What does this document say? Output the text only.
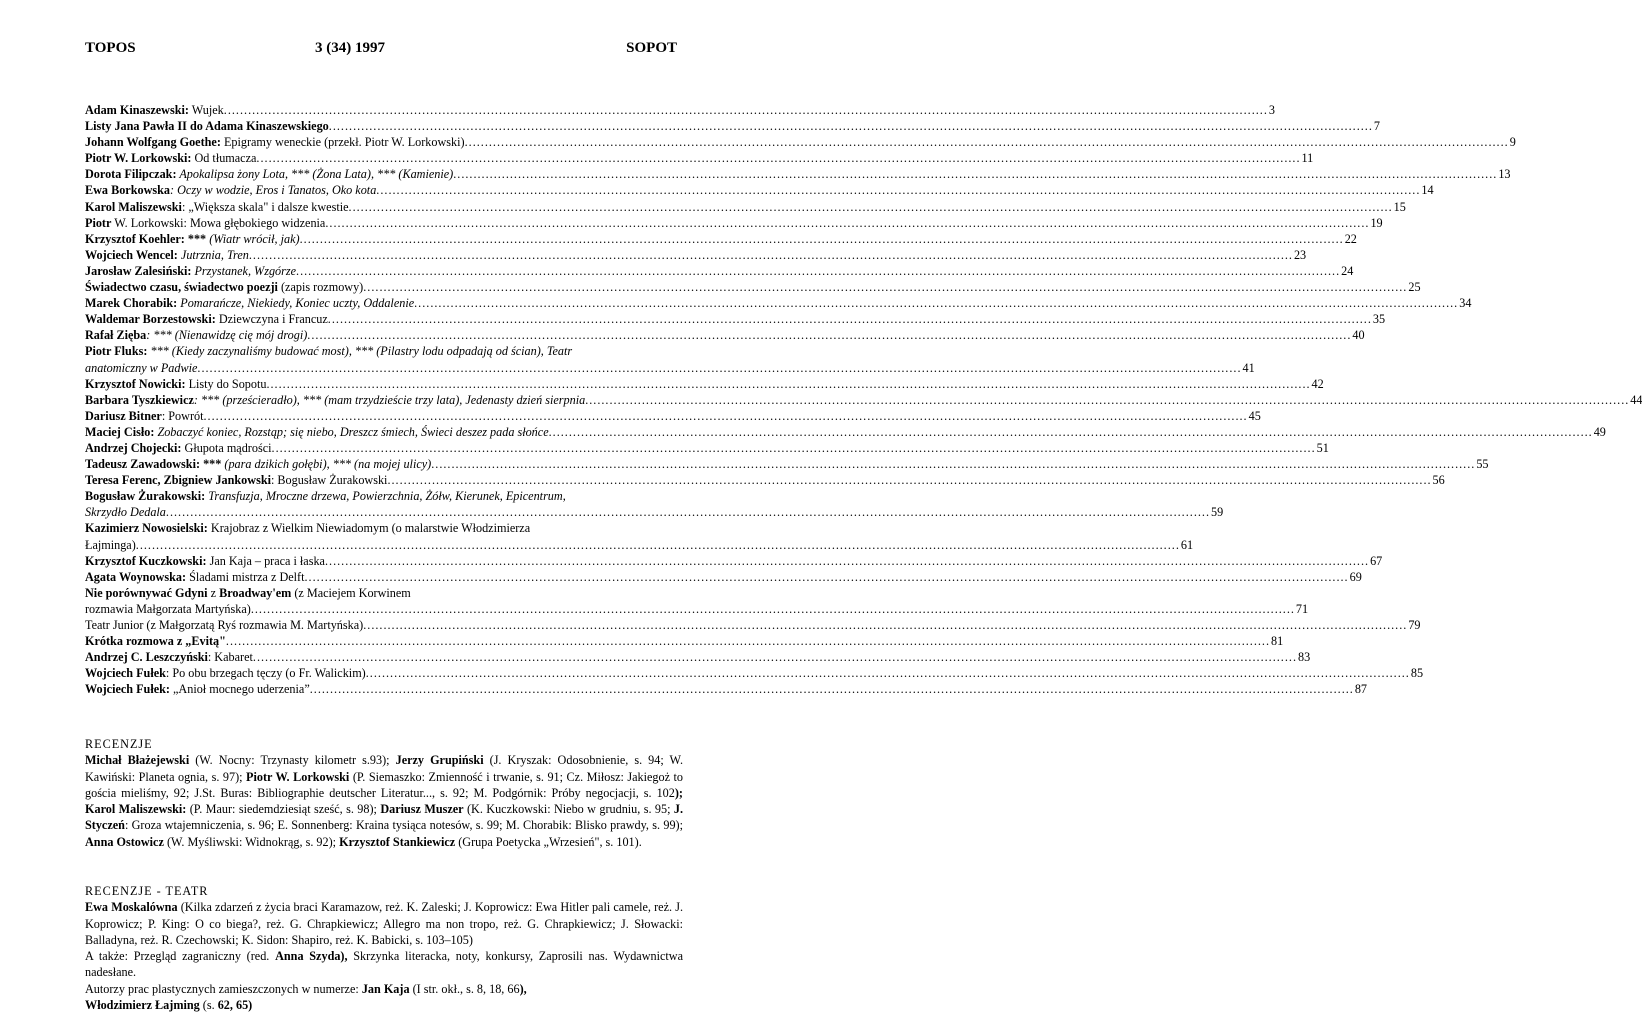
TOPOS	3 (34) 1997	SOPOT
Adam Kinaszewski: Wujek .....	3
Listy Jana Pawła II do Adama Kinaszewskiego .....	7
Johann Wolfgang Goethe: Epigramy weneckie (przekł. Piotr W. Lorkowski) .....	9
Piotr W. Lorkowski: Od tłumacza .....	11
Dorota Filipczak: Apokalipsa żony Lota, *** (Żona Lata), *** (Kamienie) .....	13
Ewa Borkowska: Oczy w wodzie, Eros i Tanatos, Oko kota .....	14
Karol Maliszewski: „Większa skala" i dalsze kwestie .....	15
Piotr W. Lorkowski: Mowa głębokiego widzenia .....	19
Krzysztof Koehler: *** (Wiatr wrócił, jak) .....	22
Wojciech Wencel: Jutrznia, Tren .....	23
Jarosław Zalesiński: Przystanek, Wzgórze .....	24
Świadectwo czasu, świadectwo poezji (zapis rozmowy) .....	25
Marek Chorabik: Pomarańcze, Niekiedy, Koniec uczty, Oddalenie .....	34
Waldemar Borzestowski: Dziewczyna i Francuz .....	35
Rafał Zięba: *** (Nienawidzę cię mój drogi) .....	40
Piotr Fluks: *** (Kiedy zaczynaliśmy budować most), *** (Pilastry lodu odpadają od ścian), Teatr
anatomiczny w Padwie .....	41
Krzysztof Nowicki: Listy do Sopotu .....	42
Barbara Tyszkiewicz: *** (prześcieradło), *** (mam trzydzieście trzy lata), Jedenasty dzień sierpnia .....	44
Dariusz Bitner: Powrót .....	45
Maciej Cisło: Zobaczyć koniec, Rozstąp; się niebo, Dreszcz śmiech, Świeci deszez pada słońce .....	49
Andrzej Chojecki: Głupota mądrości .....	51
Tadeusz Zawadowski: *** (para dzikich gołębi), *** (na mojej ulicy) .....	55
Teresa Ferenc, Zbigniew Jankowski: Bogusław Żurakowski .....	56
Bogusław Żurakowski: Transfuzja, Mroczne drzewa, Powierzchnia, Żółw, Kierunek, Epicentrum,
Skrzydło Dedala .....	59
Kazimierz Nowosielski: Krajobraz z Wielkim Niewiadomym (o malarstwie Włodzimierza
Łajminga) .....	61
Krzysztof Kuczkowski: Jan Kaja – praca i łaska .....	67
Agata Woynowska: Śladami mistrza z Delft .....	69
Nie porównywać Gdyni z Broadway'em (z Maciejem Korwinem
rozmawia Małgorzata Martyńska) .....	71
Teatr Junior (z Małgorzatą Ryś rozmawia M. Martyńska) .....	79
Krótka rozmowa z „Evitą" .....	81
Andrzej C. Leszczyński: Kabaret .....	83
Wojciech Fułek: Po obu brzegach tęczy (o Fr. Walickim) .....	85
Wojciech Fułek: „Anioł mocnego uderzenia” .....	87
RECENZJE
Michał Błażejewski (W. Nocny: Trzynasty kilometr s.93); Jerzy Grupiński (J. Kryszak: Odosobnienie, s. 94; W. Kawiński: Planeta ognia, s. 97); Piotr W. Lorkowski (P. Siemaszko: Zmienność i trwanie, s. 91; Cz. Miłosz: Jakiegoż to gościa mieliśmy, 92; J.St. Buras: Bibliographie deutscher Literatur..., s. 92; M. Podgórnik: Próby negocjacji, s. 102); Karol Maliszewski: (P. Maur: siedemdziesiąt sześć, s. 98); Dariusz Muszer (K. Kuczkowski: Niebo w grudniu, s. 95; J. Styczeń: Groza wtajemniczenia, s. 96; E. Sonnenberg: Kraina tysiąca notesów, s. 99; M. Chorabik: Blisko prawdy, s. 99); Anna Ostowicz (W. Myśliwski: Widnokrąg, s. 92); Krzysztof Stankiewicz (Grupa Poetycka „Wrzesień", s. 101).
RECENZJE - TEATR
Ewa Moskalówna (Kilka zdarzeń z życia braci Karamazow, reż. K. Zaleski; J. Koprowicz: Ewa Hitler pali camele, reż. J. Koprowicz; P. King: O co biega?, reż. G. Chrapkiewicz; Allegro ma non tropo, reż. G. Chrapkiewicz; J. Słowacki: Balladyna, reż. R. Czechowski; K. Sidon: Shapiro, reż. K. Babicki, s. 103–105)
A także: Przegląd zagraniczny (red. Anna Szyda), Skrzynka literacka, noty, konkursy, Zaprosili nas. Wydawnictwa nadesłane.
Autorzy prac plastycznych zamieszczonych w numerze: Jan Kaja (I str. okł., s. 8, 18, 66),
Włodzimierz Łajming (s. 62, 65)
